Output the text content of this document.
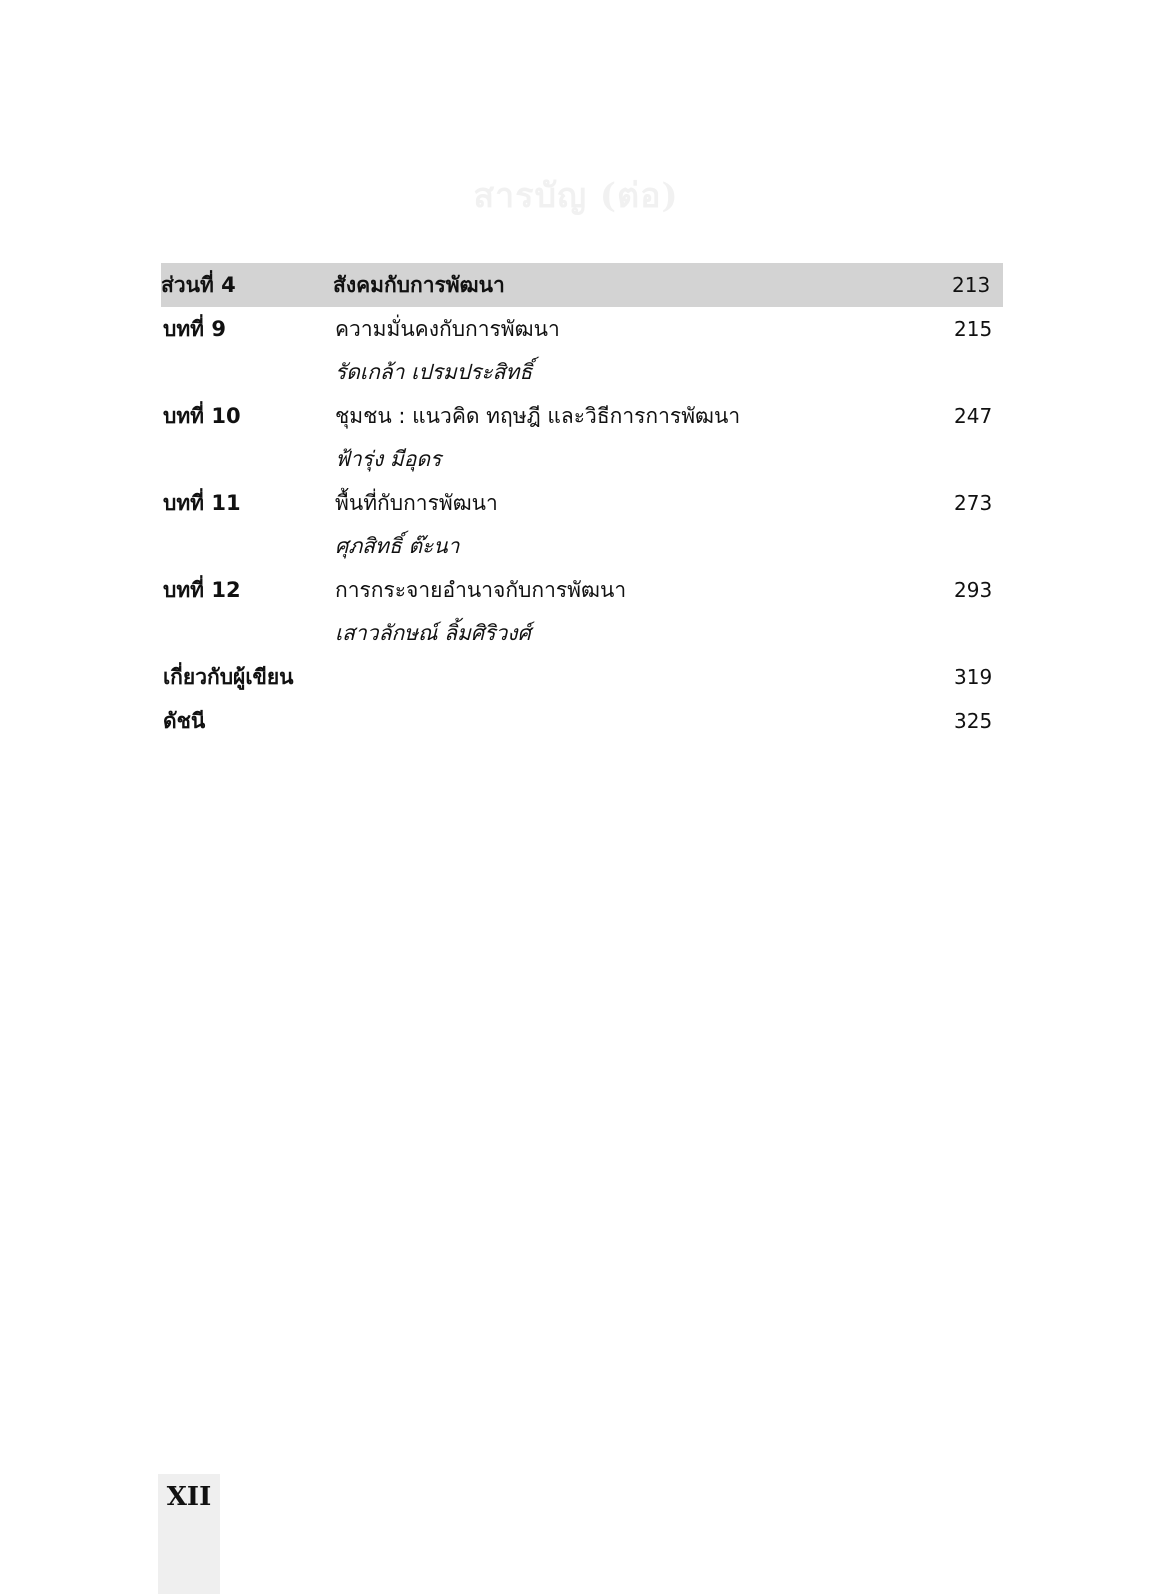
สารบัญ (ต่อ)
ส่วนที่ 4	สังคมกับการพัฒนา	213
บทที่ 9	ความมั่นคงกับการพัฒนา	215
รัดเกล้า เปรมประสิทธิ์
บทที่ 10	ชุมชน : แนวคิด ทฤษฎี และวิธีการการพัฒนา	247
ฟ้ารุ่ง มีอุดร
บทที่ 11	พื้นที่กับการพัฒนา	273
ศุภสิทธิ์ ต๊ะนา
บทที่ 12	การกระจายอำนาจกับการพัฒนา	293
เสาวลักษณ์ ลิ้มศิริวงศ์
เกี่ยวกับผู้เขียน	319
ดัชนี	325
XII
